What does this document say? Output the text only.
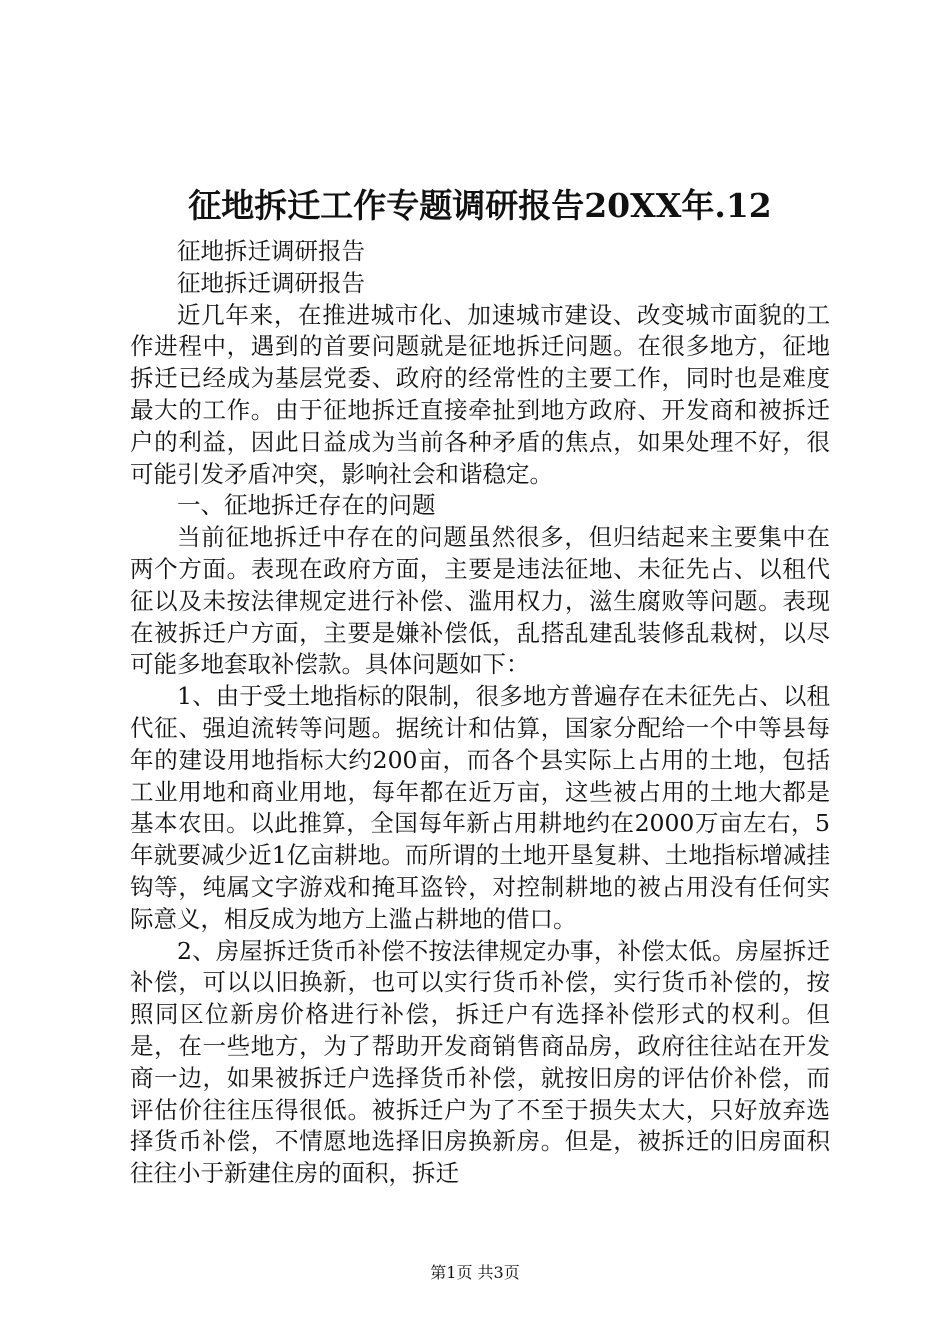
征地拆迁工作专题调研报告20XX年.12

征地拆迁调研报告

征地拆迁调研报告

近几年来，在推进城市化、加速城市建设、改变城市面貌的工作进程中，遇到的首要问题就是征地拆迁问题。在很多地方，征地拆迁已经成为基层党委、政府的经常性的主要工作，同时也是难度最大的工作。由于征地拆迁直接牵扯到地方政府、开发商和被拆迁户的利益，因此日益成为当前各种矛盾的焦点，如果处理不好，很可能引发矛盾冲突，影响社会和谐稳定。

一、征地拆迁存在的问题

当前征地拆迁中存在的问题虽然很多，但归结起来主要集中在两个方面。表现在政府方面，主要是违法征地、未征先占、以租代征以及未按法律规定进行补偿、滥用权力，滋生腐败等问题。表现在被拆迁户方面，主要是嫌补偿低，乱搭乱建乱装修乱栽树，以尽可能多地套取补偿款。具体问题如下：

1、由于受土地指标的限制，很多地方普遍存在未征先占、以租代征、强迫流转等问题。据统计和估算，国家分配给一个中等县每年的建设用地指标大约200亩，而各个县实际上占用的土地，包括工业用地和商业用地，每年都在近万亩，这些被占用的土地大都是基本农田。以此推算，全国每年新占用耕地约在2000万亩左右，5年就要减少近1亿亩耕地。而所谓的土地开垦复耕、土地指标增减挂钩等，纯属文字游戏和掩耳盗铃，对控制耕地的被占用没有任何实际意义，相反成为地方上滥占耕地的借口。

2、房屋拆迁货币补偿不按法律规定办事，补偿太低。房屋拆迁补偿，可以以旧换新，也可以实行货币补偿，实行货币补偿的，按照同区位新房价格进行补偿，拆迁户有选择补偿形式的权利。但是，在一些地方，为了帮助开发商销售商品房，政府往往站在开发商一边，如果被拆迁户选择货币补偿，就按旧房的评估价补偿，而评估价往往压得很低。被拆迁户为了不至于损失太大，只好放弃选择货币补偿，不情愿地选择旧房换新房。但是，被拆迁的旧房面积往往小于新建住房的面积，拆迁

第1页 共3页
